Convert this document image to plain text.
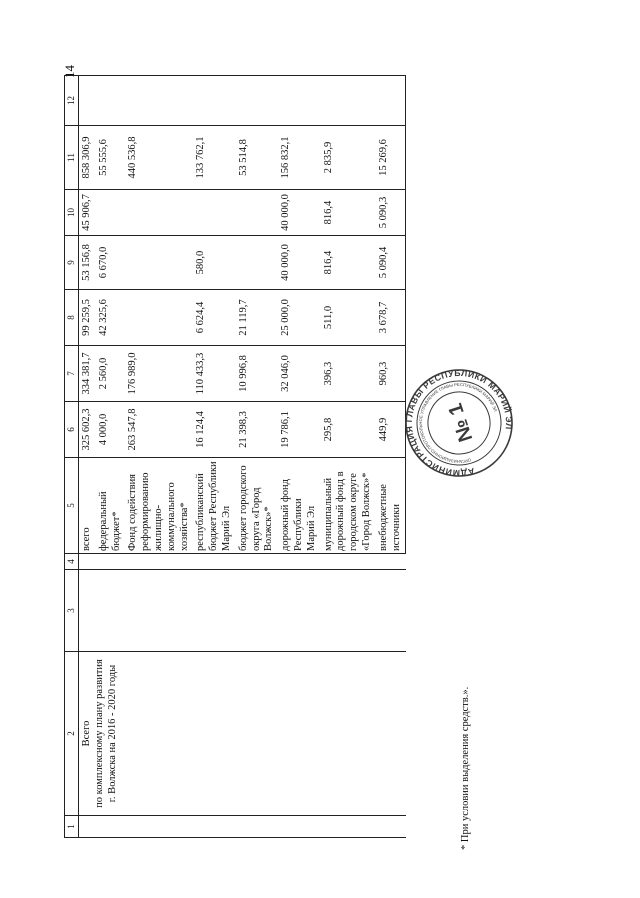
14
1	2	3	4	5	6	7	8	9	10	11	12

	Всего по комплексному плану развития г. Волжска на 2016 - 2020 годы			всего	325 602,3	334 381,7	99 259,5	53 156,8	45 906,7	858 306,9	

				федеральный бюджет*	4 000,0	2 560,0	42 325,6	6 670,0		55 555,6	

				Фонд содействия реформированию жилищно- коммунального хозяйства*	263 547,8	176 989,0				440 536,8	

				республиканский бюджет Республики Марий Эл	16 124,4	110 433,3	6 624,4	580,0		133 762,1	

				бюджет городского округа «Город Волжск»*	21 398,3	10 996,8	21 119,7			53 514,8	

				дорожный фонд Республики Марий Эл	19 786,1	32 046,0	25 000,0	40 000,0	40 000,0	156 832,1	

				муниципальный дорожный фонд в городском округе «Город Волжск»*	295,8	396,3	511,0	816,4	816,4	2 835,9	

				внебюджетные источники	449,9	960,3	3 678,7	5 090,4	5 090,3	15 269,6	
* При условии выделения средств.».
АДМИНИСТРАЦИЯ ГЛАВЫ РЕСПУБЛИКИ МАРИЙ ЭЛ
ОРГАНИЗАЦИОННО-ПРОТОКОЛЬНОЕ УПРАВЛЕНИЕ ГЛАВЫ РЕСПУБЛИКИ МАРИЙ ЭЛ
№ 1
